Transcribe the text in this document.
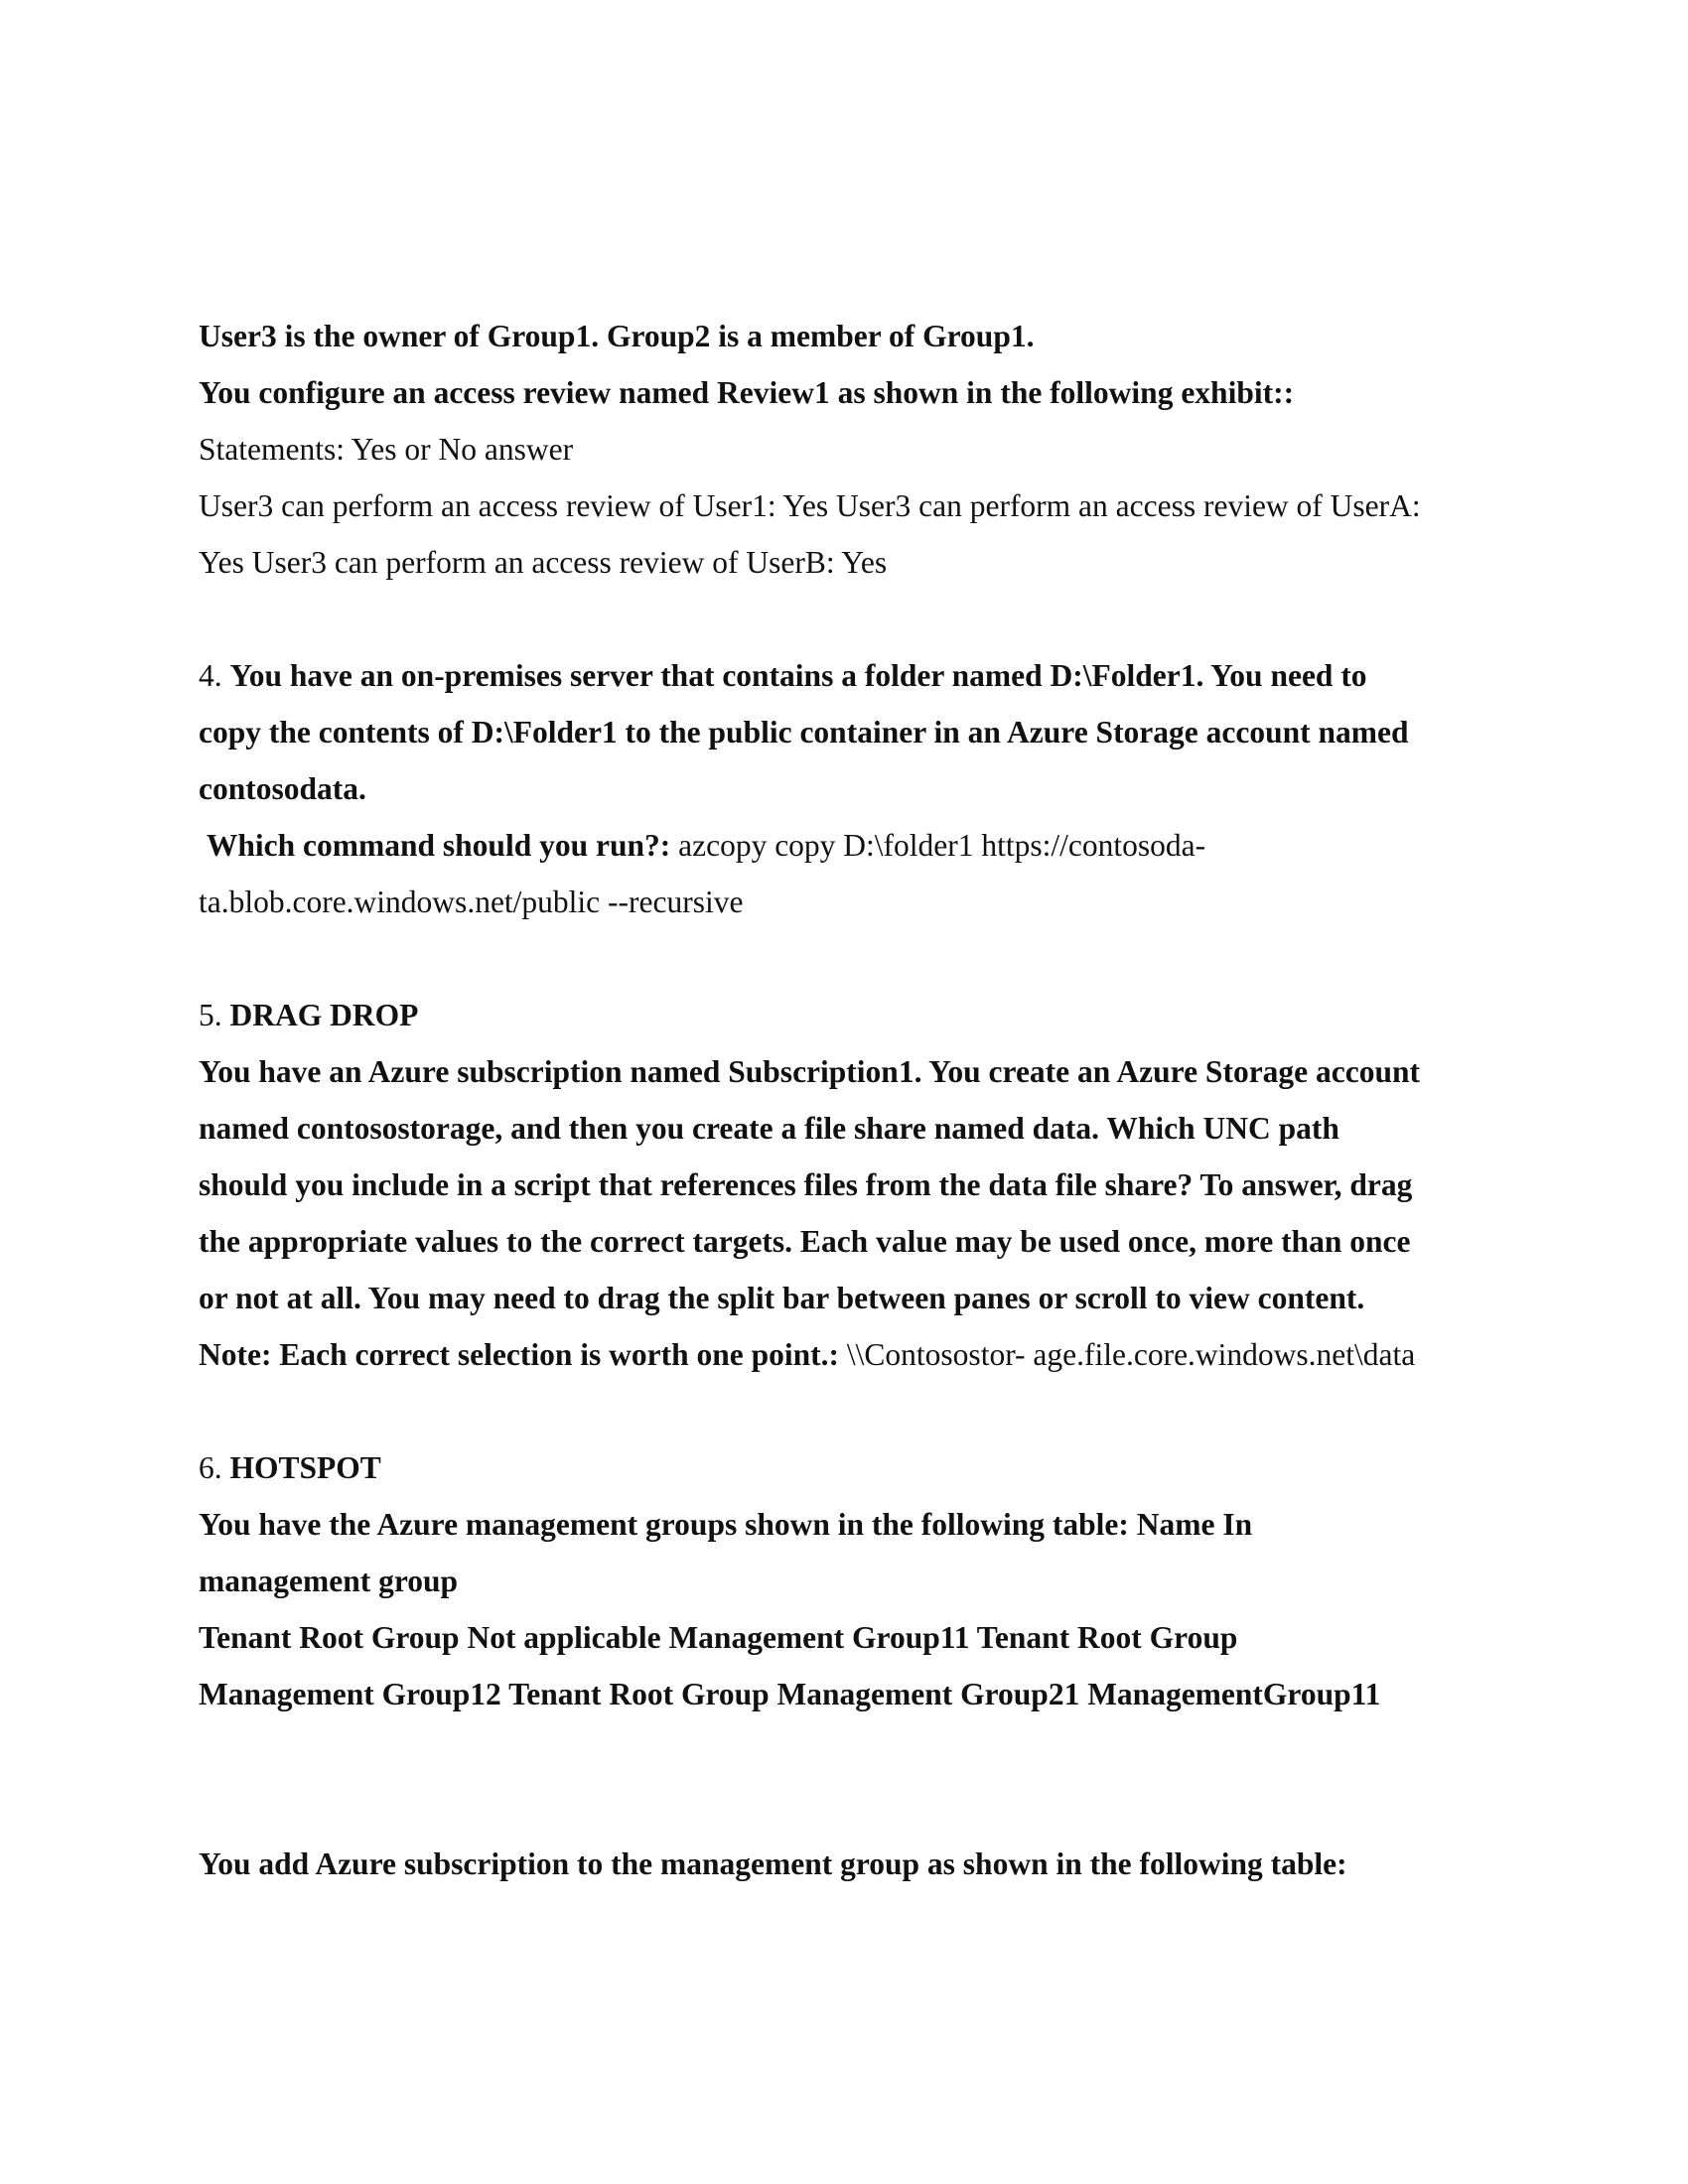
User3 is the owner of Group1. Group2 is a member of Group1.
You configure an access review named Review1 as shown in the following exhibit::
Statements: Yes or No answer
User3 can perform an access review of User1: Yes User3 can perform an access review of UserA:
Yes User3 can perform an access review of UserB: Yes
4. You have an on-premises server that contains a folder named D:\Folder1. You need to
copy the contents of D:\Folder1 to the public container in an Azure Storage account named
contosodata.
Which command should you run?: azcopy copy D:\folder1 https://contosoda-
ta.blob.core.windows.net/public --recursive
5. DRAG DROP
You have an Azure subscription named Subscription1. You create an Azure Storage account
named contosostorage, and then you create a file share named data. Which UNC path
should you include in a script that references files from the data file share? To answer, drag
the appropriate values to the correct targets. Each value may be used once, more than once
or not at all. You may need to drag the split bar between panes or scroll to view content.
Note: Each correct selection is worth one point.: \\Contosostor- age.file.core.windows.net\data
6. HOTSPOT
You have the Azure management groups shown in the following table: Name In
management group
Tenant Root Group Not applicable Management Group11 Tenant Root Group
Management Group12 Tenant Root Group Management Group21 ManagementGroup11
You add Azure subscription to the management group as shown in the following table:
